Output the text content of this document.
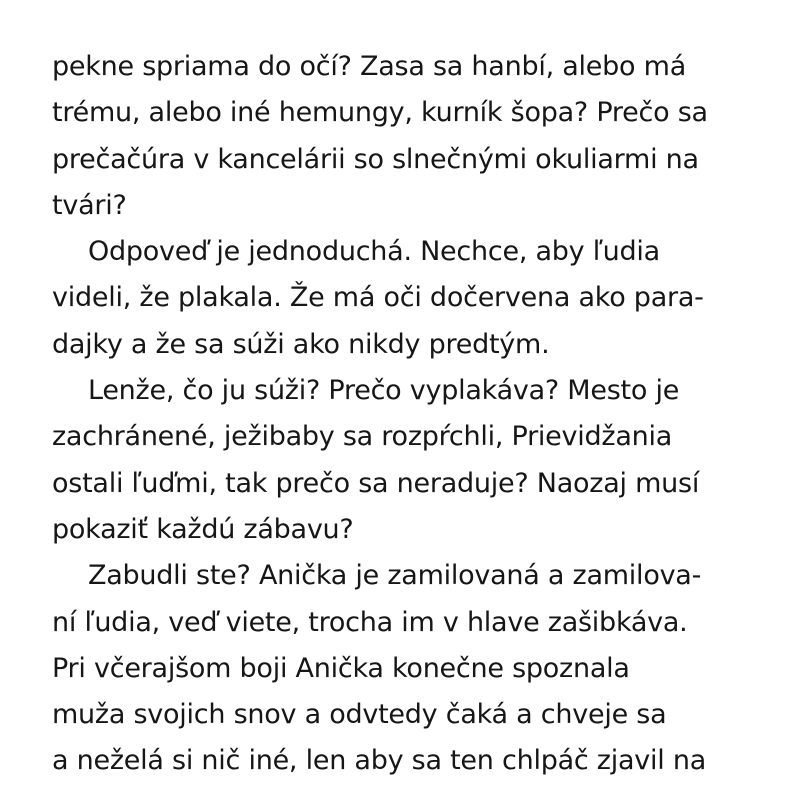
pekne spriama do očí? Zasa sa hanbí, alebo má
trému, alebo iné hemungy, kurník šopa? Prečo sa
prečačúra v kancelárii so slnečnými okuliarmi na
tvári?
Odpoveď je jednoduchá. Nechce, aby ľudia
videli, že plakala. Že má oči dočervena ako para-
dajky a že sa súži ako nikdy predtým.
Lenže, čo ju súži? Prečo vyplakáva? Mesto je
zachránené, ježibaby sa rozpŕchli, Prievidžania
ostali ľuďmi, tak prečo sa neraduje? Naozaj musí
pokaziť každú zábavu?
Zabudli ste? Anička je zamilovaná a zamilova-
ní ľudia, veď viete, trocha im v hlave zašibkáva.
Pri včerajšom boji Anička konečne spoznala
muža svojich snov a odvtedy čaká a chveje sa
a neželá si nič iné, len aby sa ten chlpáč zjavil na
